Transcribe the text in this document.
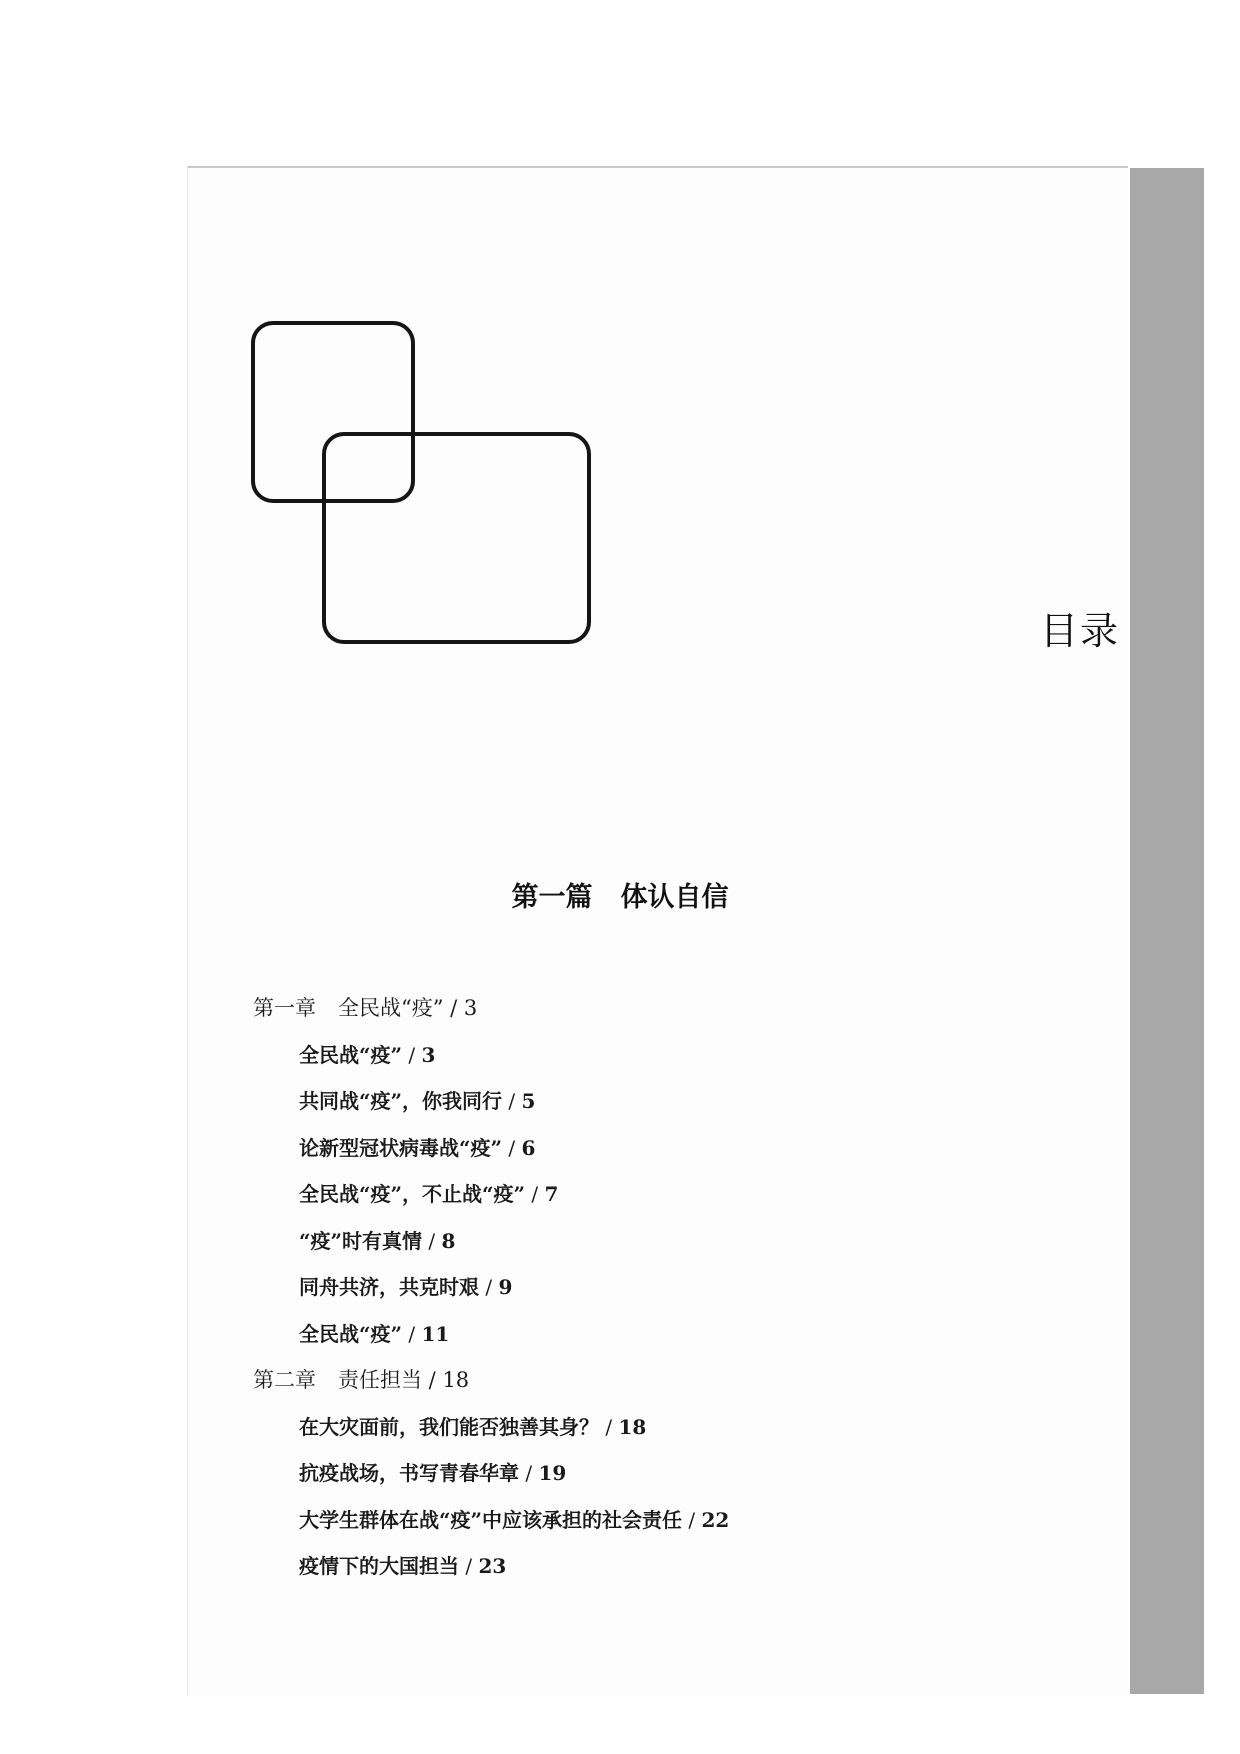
目录
第一篇 体认自信
第一章 全民战“疫” / 3
全民战“疫” / 3
共同战“疫”，你我同行 / 5
论新型冠状病毒战“疫” / 6
全民战“疫”，不止战“疫” / 7
“疫”时有真情 / 8
同舟共济，共克时艰 / 9
全民战“疫” / 11
第二章 责任担当 / 18
在大灾面前，我们能否独善其身？ / 18
抗疫战场，书写青春华章 / 19
大学生群体在战“疫”中应该承担的社会责任 / 22
疫情下的大国担当 / 23
